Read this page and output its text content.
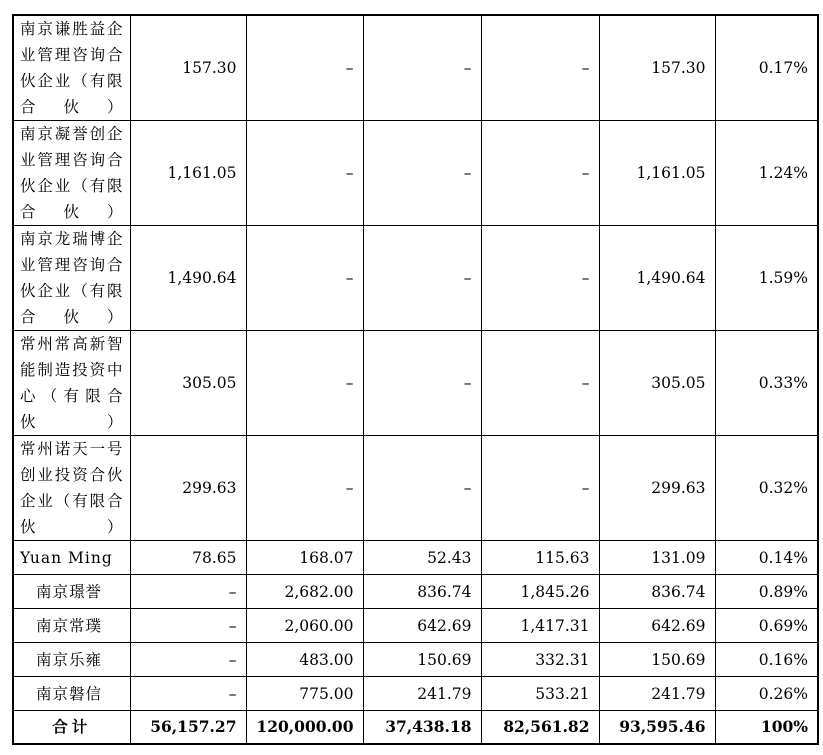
南京谦胜益企业管理咨询合伙企业（有限合伙）	157.30	–	–	–	157.30	0.17%
南京凝誉创企业管理咨询合伙企业（有限合伙）	1,161.05	–	–	–	1,161.05	1.24%
南京龙瑞博企业管理咨询合伙企业（有限合伙）	1,490.64	–	–	–	1,490.64	1.59%
常州常高新智能制造投资中心（有限合伙）	305.05	–	–	–	305.05	0.33%
常州诺天一号创业投资合伙企业（有限合伙）	299.63	–	–	–	299.63	0.32%
Yuan Ming	78.65	168.07	52.43	115.63	131.09	0.14%
南京璟誉	–	2,682.00	836.74	1,845.26	836.74	0.89%
南京常璞	–	2,060.00	642.69	1,417.31	642.69	0.69%
南京乐雍	–	483.00	150.69	332.31	150.69	0.16%
南京磐信	–	775.00	241.79	533.21	241.79	0.26%
合计	56,157.27	120,000.00	37,438.18	82,561.82	93,595.46	100%
